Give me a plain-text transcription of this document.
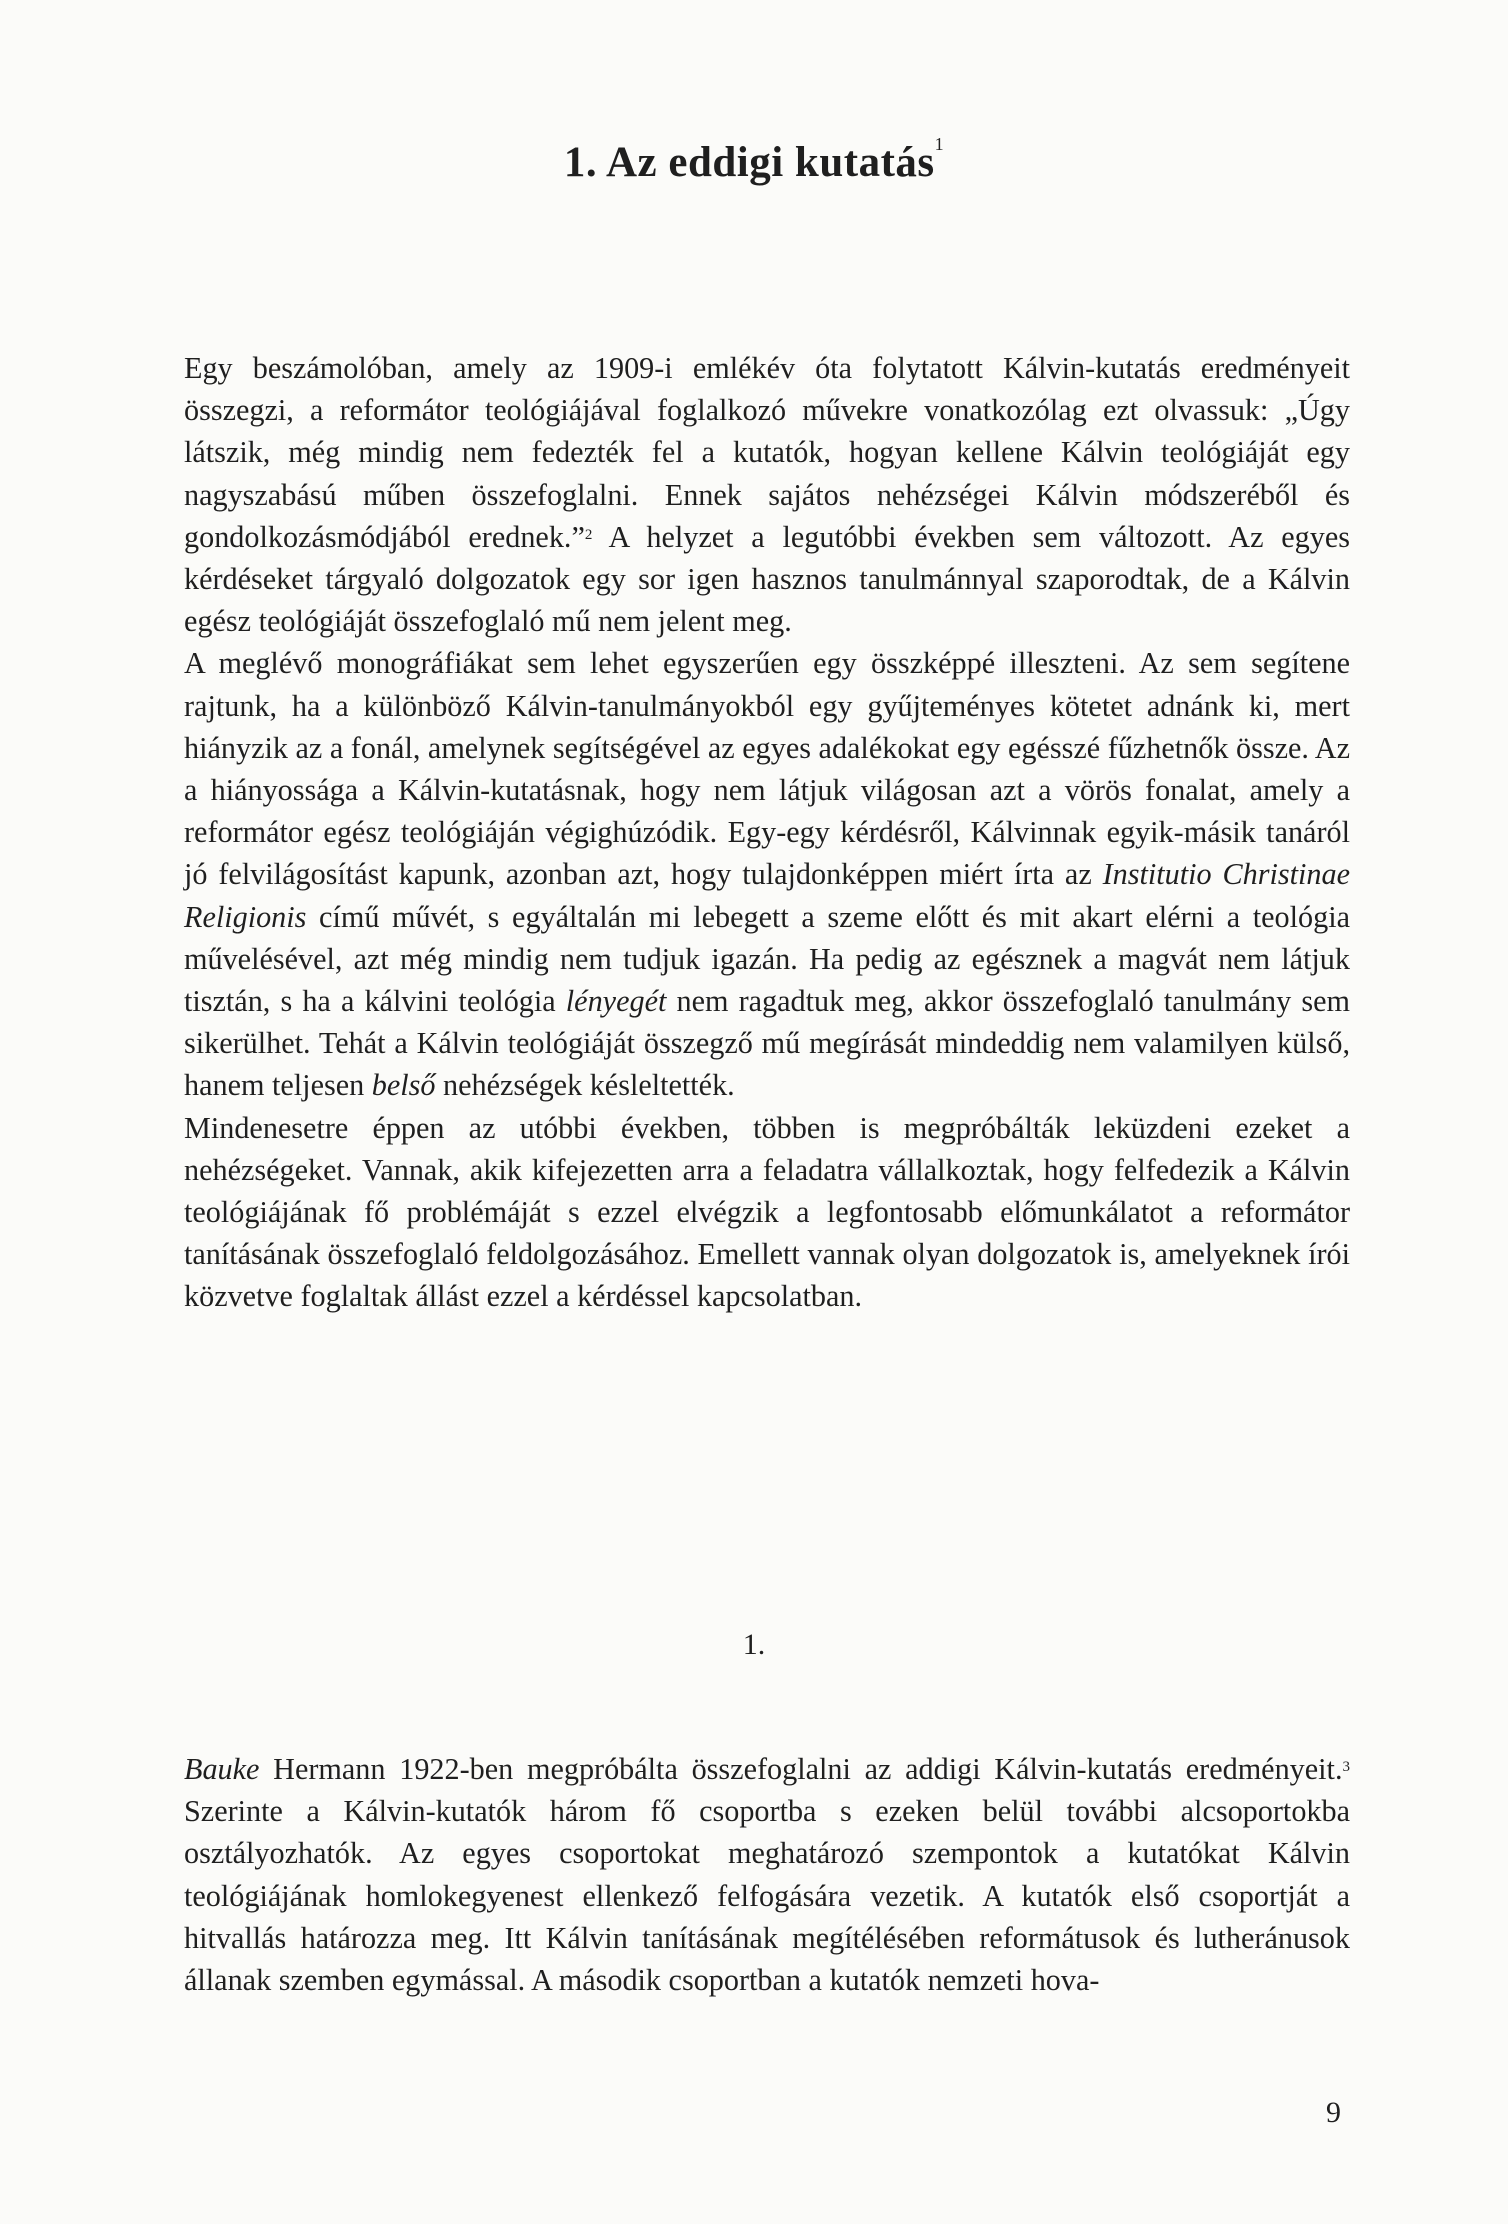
1. Az eddigi kutatás$^1$

Egy beszámolóban, amely az 1909-i emlékév óta folytatott Kálvin-kutatás eredményeit összegzi, a reformátor teológiájával foglalkozó művekre vonatkozólag ezt olvassuk: „Úgy látszik, még mindig nem fedezték fel a kutatók, hogyan kellene Kálvin teológiáját egy nagyszabású műben összefoglalni. Ennek sajátos nehézségei Kálvin módszeréből és gondolkozásmódjából erednek.”$^2$ A helyzet a legutóbbi években sem változott. Az egyes kérdéseket tárgyaló dolgozatok egy sor igen hasznos tanulmánnyal szaporodtak, de a Kálvin egész teológiáját összefoglaló mű nem jelent meg.

A meglévő monográfiákat sem lehet egyszerűen egy összképpé illeszteni. Az sem segítene rajtunk, ha a különböző Kálvin-tanulmányokból egy gyűjteményes kötetet adnánk ki, mert hiányzik az a fonál, amelynek segítségével az egyes adalékokat egy egésszé fűzhetnők össze. Az a hiányossága a Kálvin-kutatásnak, hogy nem látjuk világosan azt a vörös fonalat, amely a reformátor egész teológiáján végighúzódik. Egy-egy kérdésről, Kálvinnak egyik-másik tanáról jó felvilágosítást kapunk, azonban azt, hogy tulajdonképpen miért írta az Institutio Christinae Religionis című művét, s egyáltalán mi lebegett a szeme előtt és mit akart elérni a teológia művelésével, azt még mindig nem tudjuk igazán. Ha pedig az egésznek a magvát nem látjuk tisztán, s ha a kálvini teológia lényegét nem ragadtuk meg, akkor összefoglaló tanulmány sem sikerülhet. Tehát a Kálvin teológiáját összegző mű megírását mindeddig nem valamilyen külső, hanem teljesen belső nehézségek késleltették.

Mindenesetre éppen az utóbbi években, többen is megpróbálták leküzdeni ezeket a nehézségeket. Vannak, akik kifejezetten arra a feladatra vállalkoztak, hogy felfedezik a Kálvin teológiájának fő problémáját s ezzel elvégzik a legfontosabb előmunkálatot a reformátor tanításának összefoglaló feldolgozásához. Emellett vannak olyan dolgozatok is, amelyeknek írói közvetve foglaltak állást ezzel a kérdéssel kapcsolatban.

1.

Bauke Hermann 1922-ben megpróbálta összefoglalni az addigi Kálvin-kutatás eredményeit.$^3$ Szerinte a Kálvin-kutatók három fő csoportba s ezeken belül további alcsoportokba osztályozhatók. Az egyes csoportokat meghatározó szempontok a kutatókat Kálvin teológiájának homlokegyenest ellenkező felfogására vezetik. A kutatók első csoportját a hitvallás határozza meg. Itt Kálvin tanításának megítélésében reformátusok és lutheránusok állanak szemben egymással. A második csoportban a kutatók nemzeti hova-

9
